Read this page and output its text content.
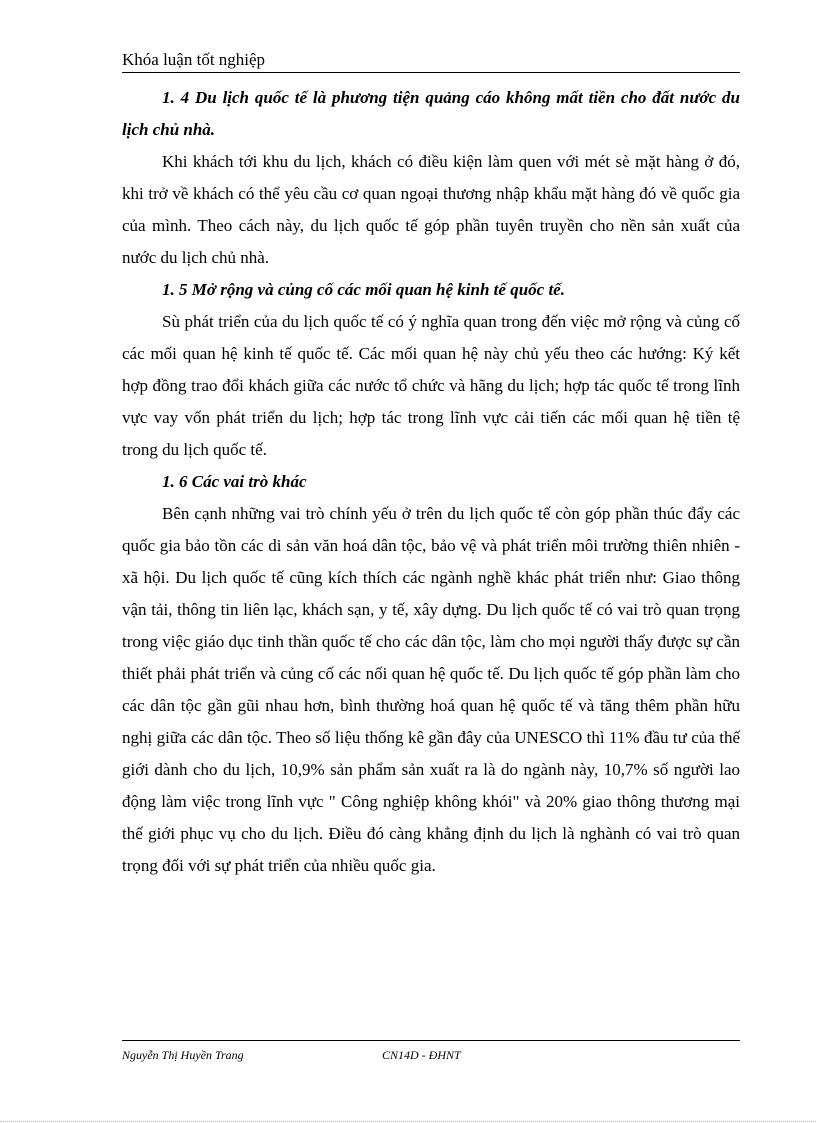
Khóa luận tốt nghiệp

1. 4 Du lịch quốc tế là phương tiện quảng cáo không mất tiền cho đất nước du lịch chủ nhà.

Khi khách tới khu du lịch, khách có điều kiện làm quen với mét sè mặt hàng ở đó, khi trở về khách có thể yêu cầu cơ quan ngoại thương nhập khẩu mặt hàng đó về quốc gia của mình. Theo cách này, du lịch quốc tế góp phần tuyên truyền cho nền sản xuất của nước du lịch chủ nhà.

1. 5 Mở rộng và củng cố các mối quan hệ kinh tế quốc tế.

Sù phát triển của du lịch quốc tế có ý nghĩa quan trong đến việc mở rộng và củng cố các mối quan hệ kinh tế quốc tế. Các mối quan hệ này chủ yếu theo các hướng: Ký kết hợp đồng trao đổi khách giữa các nước tổ chức và hãng du lịch; hợp tác quốc tế trong lĩnh vực vay vốn phát triển du lịch; hợp tác trong lĩnh vực cải tiến các mối quan hệ tiền tệ trong du lịch quốc tế.

1. 6 Các vai trò khác

Bên cạnh những vai trò chính yếu ở trên du lịch quốc tế còn góp phần thúc đẩy các quốc gia bảo tồn các di sản văn hoá dân tộc, bảo vệ và phát triển môi trường thiên nhiên - xã hội. Du lịch quốc tế cũng kích thích các ngành nghề khác phát triển như: Giao thông vận tải, thông tin liên lạc, khách sạn, y tế, xây dựng. Du lịch quốc tế có vai trò quan trọng trong việc giáo dục tinh thần quốc tế cho các dân tộc, làm cho mọi người thấy được sự cần thiết phải phát triển và củng cố các nối quan hệ quốc tế. Du lịch quốc tế góp phần làm cho các dân tộc gần gũi nhau hơn, bình thường hoá quan hệ quốc tế và tăng thêm phần hữu nghị giữa các dân tộc. Theo số liệu thống kê gần đây của UNESCO thì 11% đầu tư của thế giới dành cho du lịch, 10,9% sản phẩm sản xuất ra là do ngành này, 10,7% số người lao động làm việc trong lĩnh vực " Công nghiệp không khói" và 20% giao thông thương mại thế giới phục vụ cho du lịch. Điều đó càng khẳng định du lịch là nghành có vai trò quan trọng đối với sự phát triển của nhiều quốc gia.

Nguyễn Thị Huyền Trang	CN14D - ĐHNT
